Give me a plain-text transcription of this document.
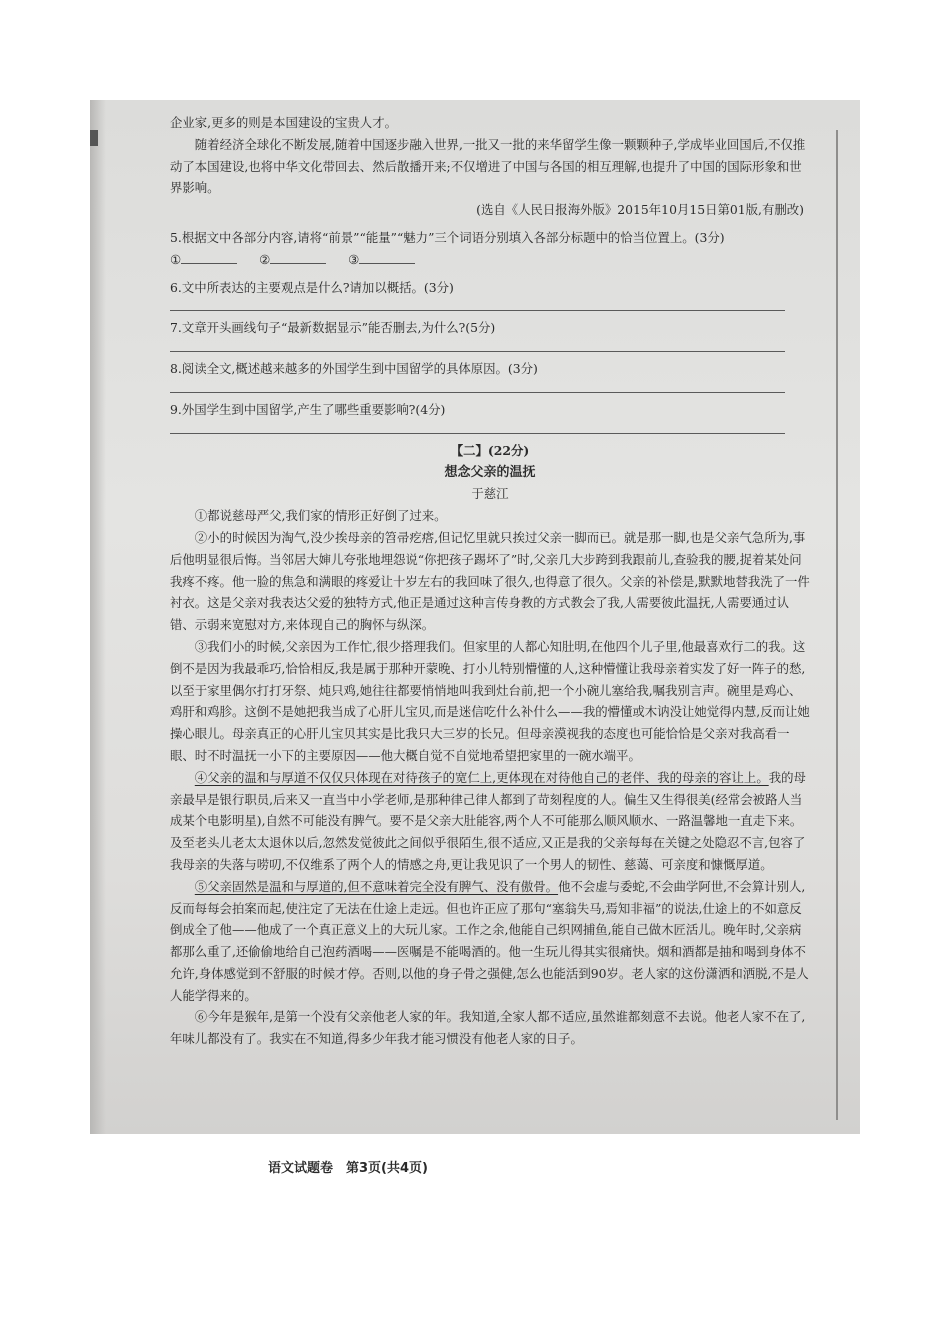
企业家,更多的则是本国建设的宝贵人才。

随着经济全球化不断发展,随着中国逐步融入世界,一批又一批的来华留学生像一颗颗种子,学成毕业回国后,不仅推动了本国建设,也将中华文化带回去、然后散播开来;不仅增进了中国与各国的相互理解,也提升了中国的国际形象和世界影响。

(选自《人民日报海外版》2015年10月15日第01版,有删改)

5.根据文中各部分内容,请将“前景”“能量”“魅力”三个词语分别填入各部分标题中的恰当位置上。(3分)

①	②	③

6.文中所表达的主要观点是什么?请加以概括。(3分)

7.文章开头画线句子“最新数据显示”能否删去,为什么?(5分)

8.阅读全文,概述越来越多的外国学生到中国留学的具体原因。(3分)

9.外国学生到中国留学,产生了哪些重要影响?(4分)

【二】(22分)

想念父亲的温抚

于慈江

①都说慈母严父,我们家的情形正好倒了过来。

②小的时候因为淘气,没少挨母亲的笤帚疙瘩,但记忆里就只挨过父亲一脚而已。就是那一脚,也是父亲气急所为,事后他明显很后悔。当邻居大婶儿夸张地埋怨说“你把孩子踢坏了”时,父亲几大步跨到我跟前儿,查验我的腰,捉着某处问我疼不疼。他一脸的焦急和满眼的疼爱让十岁左右的我回味了很久,也得意了很久。父亲的补偿是,默默地替我洗了一件衬衣。这是父亲对我表达父爱的独特方式,他正是通过这种言传身教的方式教会了我,人需要彼此温抚,人需要通过认错、示弱来宽慰对方,来体现自己的胸怀与纵深。

③我们小的时候,父亲因为工作忙,很少搭理我们。但家里的人都心知肚明,在他四个儿子里,他最喜欢行二的我。这倒不是因为我最乖巧,恰恰相反,我是属于那种开蒙晚、打小儿特别懵懂的人,这种懵懂让我母亲着实发了好一阵子的愁,以至于家里偶尔打打牙祭、炖只鸡,她往往都要悄悄地叫我到灶台前,把一个小碗儿塞给我,嘱我别言声。碗里是鸡心、鸡肝和鸡胗。这倒不是她把我当成了心肝儿宝贝,而是迷信吃什么补什么——我的懵懂或木讷没让她觉得内慧,反而让她操心眼儿。母亲真正的心肝儿宝贝其实是比我只大三岁的长兄。但母亲漠视我的态度也可能恰恰是父亲对我高看一眼、时不时温抚一小下的主要原因——他大概自觉不自觉地希望把家里的一碗水端平。

④父亲的温和与厚道不仅仅只体现在对待孩子的宽仁上,更体现在对待他自己的老伴、我的母亲的容让上。我的母亲最早是银行职员,后来又一直当中小学老师,是那种律己律人都到了苛刻程度的人。偏生又生得很美(经常会被路人当成某个电影明星),自然不可能没有脾气。要不是父亲大肚能容,两个人不可能那么顺风顺水、一路温馨地一直走下来。及至老头儿老太太退休以后,忽然发觉彼此之间似乎很陌生,很不适应,又正是我的父亲每每在关键之处隐忍不言,包容了我母亲的失落与唠叨,不仅维系了两个人的情感之舟,更让我见识了一个男人的韧性、慈蔼、可亲度和慷慨厚道。

⑤父亲固然是温和与厚道的,但不意味着完全没有脾气、没有傲骨。他不会虚与委蛇,不会曲学阿世,不会算计别人,反而每每会拍案而起,使注定了无法在仕途上走远。但也许正应了那句“塞翁失马,焉知非福”的说法,仕途上的不如意反倒成全了他——他成了一个真正意义上的大玩儿家。工作之余,他能自己织网捕鱼,能自己做木匠活儿。晚年时,父亲病都那么重了,还偷偷地给自己泡药酒喝——医嘱是不能喝酒的。他一生玩儿得其实很痛快。烟和酒都是抽和喝到身体不允许,身体感觉到不舒服的时候才停。否则,以他的身子骨之强健,怎么也能活到90岁。老人家的这份潇洒和洒脱,不是人人能学得来的。

⑥今年是猴年,是第一个没有父亲他老人家的年。我知道,全家人都不适应,虽然谁都刻意不去说。他老人家不在了,年味儿都没有了。我实在不知道,得多少年我才能习惯没有他老人家的日子。

语文试题卷　第3页(共4页)
